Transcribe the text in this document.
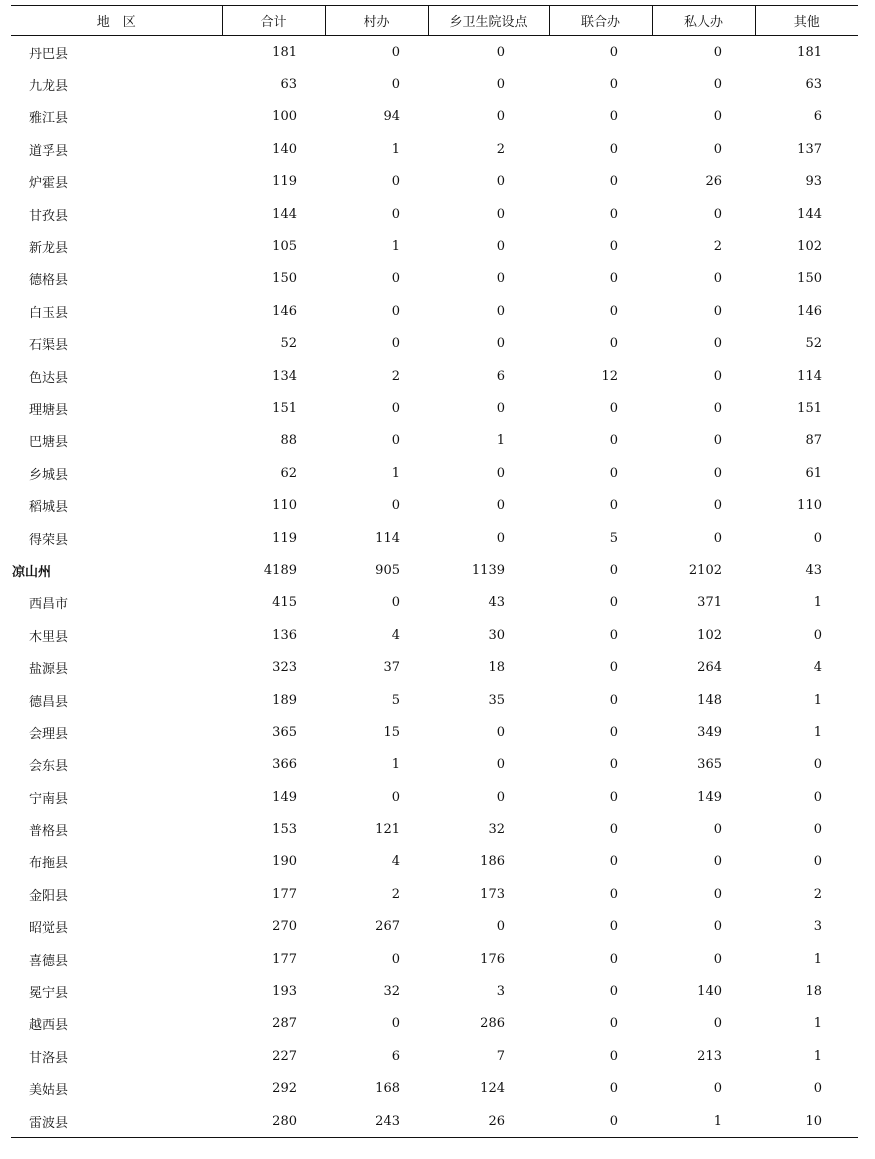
地　区	合计	村办	乡卫生院设点	联合办	私人办	其他
丹巴县	181	0	0	0	0	181
九龙县	63	0	0	0	0	63
雅江县	100	94	0	0	0	6
道孚县	140	1	2	0	0	137
炉霍县	119	0	0	0	26	93
甘孜县	144	0	0	0	0	144
新龙县	105	1	0	0	2	102
德格县	150	0	0	0	0	150
白玉县	146	0	0	0	0	146
石渠县	52	0	0	0	0	52
色达县	134	2	6	12	0	114
理塘县	151	0	0	0	0	151
巴塘县	88	0	1	0	0	87
乡城县	62	1	0	0	0	61
稻城县	110	0	0	0	0	110
得荣县	119	114	0	5	0	0
凉山州	4189	905	1139	0	2102	43
西昌市	415	0	43	0	371	1
木里县	136	4	30	0	102	0
盐源县	323	37	18	0	264	4
德昌县	189	5	35	0	148	1
会理县	365	15	0	0	349	1
会东县	366	1	0	0	365	0
宁南县	149	0	0	0	149	0
普格县	153	121	32	0	0	0
布拖县	190	4	186	0	0	0
金阳县	177	2	173	0	0	2
昭觉县	270	267	0	0	0	3
喜德县	177	0	176	0	0	1
冕宁县	193	32	3	0	140	18
越西县	287	0	286	0	0	1
甘洛县	227	6	7	0	213	1
美姑县	292	168	124	0	0	0
雷波县	280	243	26	0	1	10
